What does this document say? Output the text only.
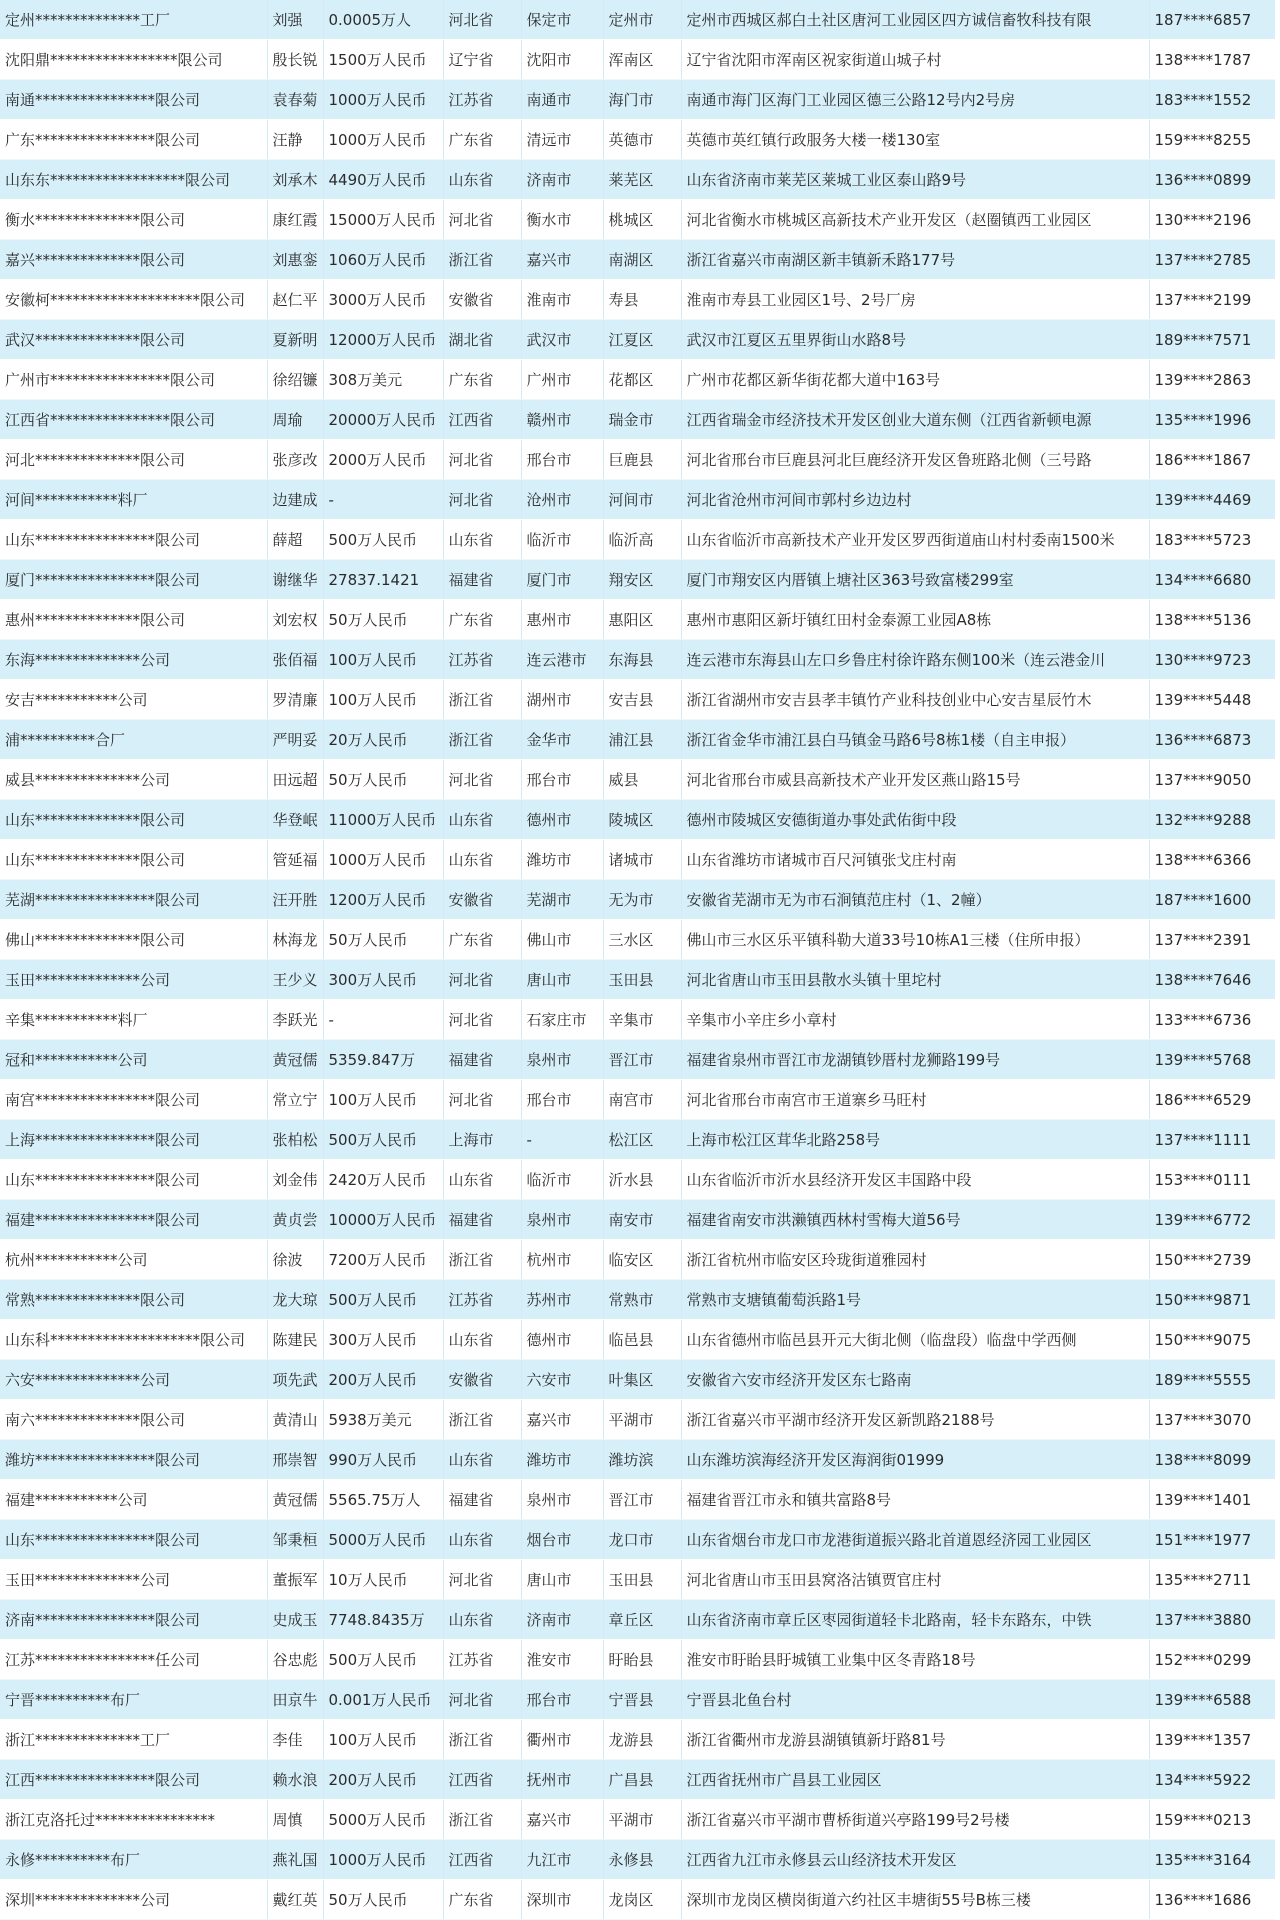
定州**************工厂	刘强	0.0005万人	河北省	保定市	定州市	定州市西城区郝白土社区唐河工业园区四方诚信畜牧科技有限	187****6857
沈阳鼎*****************限公司	殷长锐	1500万人民币	辽宁省	沈阳市	浑南区	辽宁省沈阳市浑南区祝家街道山城子村	138****1787
南通****************限公司	袁春菊	1000万人民币	江苏省	南通市	海门市	南通市海门区海门工业园区德三公路12号内2号房	183****1552
广东****************限公司	汪静	1000万人民币	广东省	清远市	英德市	英德市英红镇行政服务大楼一楼130室	159****8255
山东东******************限公司	刘承木	4490万人民币	山东省	济南市	莱芜区	山东省济南市莱芜区莱城工业区泰山路9号	136****0899
衡水**************限公司	康红霞	15000万人民币	河北省	衡水市	桃城区	河北省衡水市桃城区高新技术产业开发区（赵圈镇西工业园区	130****2196
嘉兴**************限公司	刘惠銮	1060万人民币	浙江省	嘉兴市	南湖区	浙江省嘉兴市南湖区新丰镇新禾路177号	137****2785
安徽柯********************限公司	赵仁平	3000万人民币	安徽省	淮南市	寿县	淮南市寿县工业园区1号、2号厂房	137****2199
武汉**************限公司	夏新明	12000万人民币	湖北省	武汉市	江夏区	武汉市江夏区五里界街山水路8号	189****7571
广州市****************限公司	徐绍镰	308万美元	广东省	广州市	花都区	广州市花都区新华街花都大道中163号	139****2863
江西省****************限公司	周瑜	20000万人民币	江西省	赣州市	瑞金市	江西省瑞金市经济技术开发区创业大道东侧（江西省新顿电源	135****1996
河北**************限公司	张彦改	2000万人民币	河北省	邢台市	巨鹿县	河北省邢台市巨鹿县河北巨鹿经济开发区鲁班路北侧（三号路	186****1867
河间***********料厂	边建成	-	河北省	沧州市	河间市	河北省沧州市河间市郭村乡边边村	139****4469
山东****************限公司	薛超	500万人民币	山东省	临沂市	临沂高	山东省临沂市高新技术产业开发区罗西街道庙山村村委南1500米	183****5723
厦门****************限公司	谢继华	27837.1421	福建省	厦门市	翔安区	厦门市翔安区内厝镇上塘社区363号致富楼299室	134****6680
惠州**************限公司	刘宏权	50万人民币	广东省	惠州市	惠阳区	惠州市惠阳区新圩镇红田村金泰源工业园A8栋	138****5136
东海**************公司	张佰福	100万人民币	江苏省	连云港市	东海县	连云港市东海县山左口乡鲁庄村徐许路东侧100米（连云港金川	130****9723
安吉***********公司	罗清廉	100万人民币	浙江省	湖州市	安吉县	浙江省湖州市安吉县孝丰镇竹产业科技创业中心安吉星辰竹木	139****5448
浦**********合厂	严明妥	20万人民币	浙江省	金华市	浦江县	浙江省金华市浦江县白马镇金马路6号8栋1楼（自主申报）	136****6873
威县**************公司	田远超	50万人民币	河北省	邢台市	威县	河北省邢台市威县高新技术产业开发区燕山路15号	137****9050
山东**************限公司	华登岷	11000万人民币	山东省	德州市	陵城区	德州市陵城区安德街道办事处武佑街中段	132****9288
山东**************限公司	管延福	1000万人民币	山东省	潍坊市	诸城市	山东省潍坊市诸城市百尺河镇张戈庄村南	138****6366
芜湖****************限公司	汪开胜	1200万人民币	安徽省	芜湖市	无为市	安徽省芜湖市无为市石涧镇范庄村（1、2幢）	187****1600
佛山**************限公司	林海龙	50万人民币	广东省	佛山市	三水区	佛山市三水区乐平镇科勒大道33号10栋A1三楼（住所申报）	137****2391
玉田**************公司	王少义	300万人民币	河北省	唐山市	玉田县	河北省唐山市玉田县散水头镇十里坨村	138****7646
辛集***********料厂	李跃光	-	河北省	石家庄市	辛集市	辛集市小辛庄乡小章村	133****6736
冠和***********公司	黄冠儒	5359.847万	福建省	泉州市	晋江市	福建省泉州市晋江市龙湖镇钞厝村龙狮路199号	139****5768
南宫****************限公司	常立宁	100万人民币	河北省	邢台市	南宫市	河北省邢台市南宫市王道寨乡马旺村	186****6529
上海****************限公司	张柏松	500万人民币	上海市	-	松江区	上海市松江区茸华北路258号	137****1111
山东****************限公司	刘金伟	2420万人民币	山东省	临沂市	沂水县	山东省临沂市沂水县经济开发区丰国路中段	153****0111
福建****************限公司	黄贞尝	10000万人民币	福建省	泉州市	南安市	福建省南安市洪濑镇西林村雪梅大道56号	139****6772
杭州***********公司	徐波	7200万人民币	浙江省	杭州市	临安区	浙江省杭州市临安区玲珑街道雅园村	150****2739
常熟**************限公司	龙大琼	500万人民币	江苏省	苏州市	常熟市	常熟市支塘镇葡萄浜路1号	150****9871
山东科********************限公司	陈建民	300万人民币	山东省	德州市	临邑县	山东省德州市临邑县开元大街北侧（临盘段）临盘中学西侧	150****9075
六安**************公司	项先武	200万人民币	安徽省	六安市	叶集区	安徽省六安市经济开发区东七路南	189****5555
南六**************限公司	黄清山	5938万美元	浙江省	嘉兴市	平湖市	浙江省嘉兴市平湖市经济开发区新凯路2188号	137****3070
潍坊****************限公司	邢崇智	990万人民币	山东省	潍坊市	潍坊滨	山东潍坊滨海经济开发区海润街01999	138****8099
福建***********公司	黄冠儒	5565.75万人	福建省	泉州市	晋江市	福建省晋江市永和镇共富路8号	139****1401
山东****************限公司	邹秉桓	5000万人民币	山东省	烟台市	龙口市	山东省烟台市龙口市龙港街道振兴路北首道恩经济园工业园区	151****1977
玉田**************公司	董振军	10万人民币	河北省	唐山市	玉田县	河北省唐山市玉田县窝洛沽镇贾官庄村	135****2711
济南****************限公司	史成玉	7748.8435万	山东省	济南市	章丘区	山东省济南市章丘区枣园街道轻卡北路南，轻卡东路东，中铁	137****3880
江苏****************任公司	谷忠彪	500万人民币	江苏省	淮安市	盱眙县	淮安市盱眙县盱城镇工业集中区冬青路18号	152****0299
宁晋**********布厂	田京牛	0.001万人民币	河北省	邢台市	宁晋县	宁晋县北鱼台村	139****6588
浙江**************工厂	李佳	100万人民币	浙江省	衢州市	龙游县	浙江省衢州市龙游县湖镇镇新圩路81号	139****1357
江西****************限公司	赖水浪	200万人民币	江西省	抚州市	广昌县	江西省抚州市广昌县工业园区	134****5922
浙江克洛托过****************	周慎	5000万人民币	浙江省	嘉兴市	平湖市	浙江省嘉兴市平湖市曹桥街道兴亭路199号2号楼	159****0213
永修**********布厂	燕礼国	1000万人民币	江西省	九江市	永修县	江西省九江市永修县云山经济技术开发区	135****3164
深圳**************公司	戴红英	50万人民币	广东省	深圳市	龙岗区	深圳市龙岗区横岗街道六约社区丰塘街55号B栋三楼	136****1686
